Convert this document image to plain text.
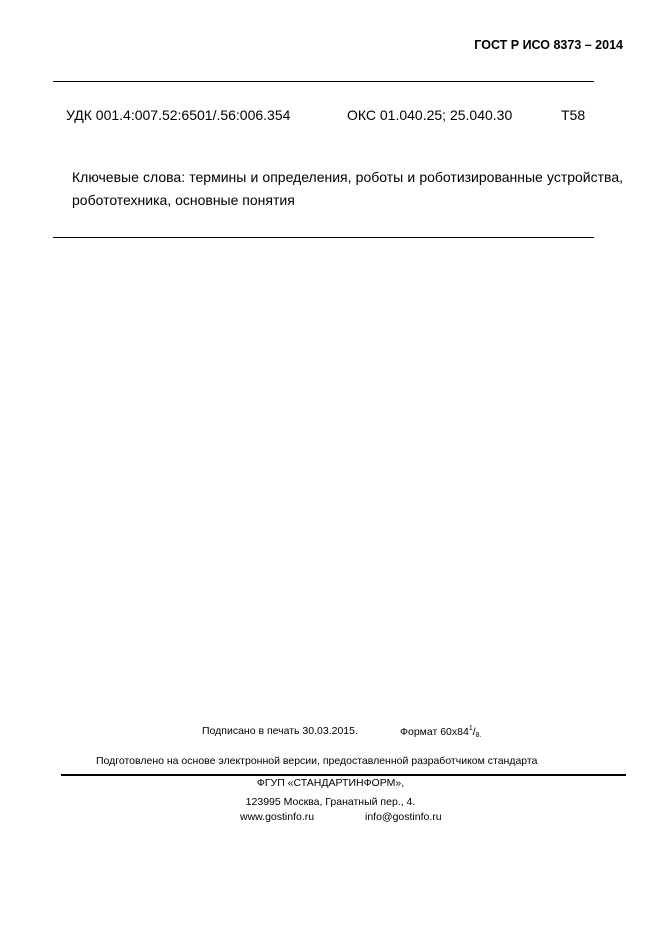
ГОСТ Р ИСО 8373 – 2014
УДК 001.4:007.52:6501/.56:006.354	ОКС 01.040.25; 25.040.30	Т58
Ключевые слова: термины и определения, роботы и роботизированные устройства, робототехника, основные понятия
Подписано в печать 30.03.2015.	Формат $60х84^1/_{8.}$
Подготовлено на основе электронной версии, предоставленной разработчиком стандарта
ФГУП «СТАНДАРТИНФОРМ»,
123995 Москва, Гранатный пер., 4.
www.gostinfo.ru	info@gostinfo.ru
